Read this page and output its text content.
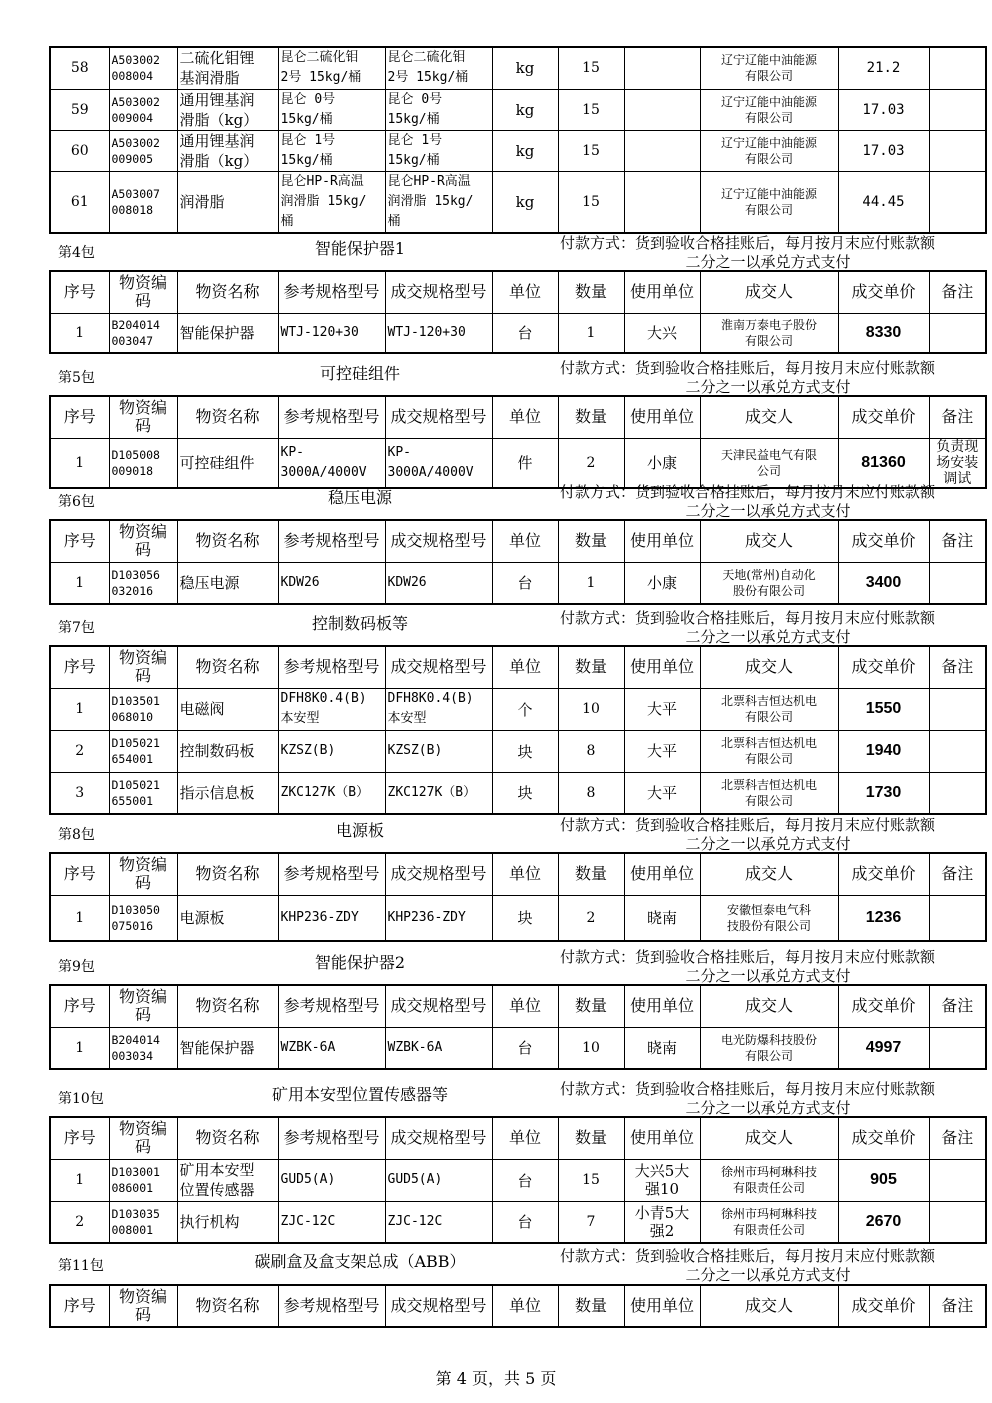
58	A503002
008004	二硫化钼锂
基润滑脂	昆仑二硫化钼
2号 15kg/桶	昆仑二硫化钼
2号 15kg/桶	kg	15		辽宁辽能中油能源
有限公司	21.2	
59	A503002
009004	通用锂基润
滑脂（kg）	昆仑 0号
15kg/桶	昆仑 0号
15kg/桶	kg	15		辽宁辽能中油能源
有限公司	17.03	
60	A503002
009005	通用锂基润
滑脂（kg）	昆仑 1号
15kg/桶	昆仑 1号
15kg/桶	kg	15		辽宁辽能中油能源
有限公司	17.03	
61	A503007
008018	润滑脂	昆仑HP-R高温
润滑脂 15kg/
桶	昆仑HP-R高温
润滑脂 15kg/
桶	kg	15		辽宁辽能中油能源
有限公司	44.45	
第4包	智能保护器1	付款方式：货到验收合格挂账后，每月按月末应付账款额
二分之一以承兑方式支付
序号	物资编
码	物资名称	参考规格型号	成交规格型号	单位	数量	使用单位	成交人	成交单价	备注
1	B204014
003047	智能保护器	WTJ-120+30	WTJ-120+30	台	1	大兴	淮南万泰电子股份
有限公司	8330	
第5包	可控硅组件	付款方式：货到验收合格挂账后，每月按月末应付账款额
二分之一以承兑方式支付
序号	物资编
码	物资名称	参考规格型号	成交规格型号	单位	数量	使用单位	成交人	成交单价	备注
1	D105008
009018	可控硅组件	KP-
3000A/4000V	KP-
3000A/4000V	件	2	小康	天津民益电气有限
公司	81360	负责现
场安装
调试
第6包	稳压电源	付款方式：货到验收合格挂账后，每月按月末应付账款额
二分之一以承兑方式支付
序号	物资编
码	物资名称	参考规格型号	成交规格型号	单位	数量	使用单位	成交人	成交单价	备注
1	D103056
032016	稳压电源	KDW26	KDW26	台	1	小康	天地(常州)自动化
股份有限公司	3400	
第7包	控制数码板等	付款方式：货到验收合格挂账后，每月按月末应付账款额
二分之一以承兑方式支付
序号	物资编
码	物资名称	参考规格型号	成交规格型号	单位	数量	使用单位	成交人	成交单价	备注
1	D103501
068010	电磁阀	DFH8K0.4(B)
本安型	DFH8K0.4(B)
本安型	个	10	大平	北票科吉恒达机电
有限公司	1550	
2	D105021
654001	控制数码板	KZSZ(B)	KZSZ(B)	块	8	大平	北票科吉恒达机电
有限公司	1940	
3	D105021
655001	指示信息板	ZKC127K（B）	ZKC127K（B）	块	8	大平	北票科吉恒达机电
有限公司	1730	
第8包	电源板	付款方式：货到验收合格挂账后，每月按月末应付账款额
二分之一以承兑方式支付
序号	物资编
码	物资名称	参考规格型号	成交规格型号	单位	数量	使用单位	成交人	成交单价	备注
1	D103050
075016	电源板	KHP236-ZDY	KHP236-ZDY	块	2	晓南	安徽恒泰电气科
技股份有限公司	1236	
第9包	智能保护器2	付款方式：货到验收合格挂账后，每月按月末应付账款额
二分之一以承兑方式支付
序号	物资编
码	物资名称	参考规格型号	成交规格型号	单位	数量	使用单位	成交人	成交单价	备注
1	B204014
003034	智能保护器	WZBK-6A	WZBK-6A	台	10	晓南	电光防爆科技股份
有限公司	4997	
第10包	矿用本安型位置传感器等	付款方式：货到验收合格挂账后，每月按月末应付账款额
二分之一以承兑方式支付
序号	物资编
码	物资名称	参考规格型号	成交规格型号	单位	数量	使用单位	成交人	成交单价	备注
1	D103001
086001	矿用本安型
位置传感器	GUD5(A)	GUD5(A)	台	15	大兴5大
强10	徐州市玛柯琳科技
有限责任公司	905	
2	D103035
008001	执行机构	ZJC-12C	ZJC-12C	台	7	小青5大
强2	徐州市玛柯琳科技
有限责任公司	2670	
第11包	碳刷盒及盒支架总成（ABB）	付款方式：货到验收合格挂账后，每月按月末应付账款额
二分之一以承兑方式支付
序号	物资编
码	物资名称	参考规格型号	成交规格型号	单位	数量	使用单位	成交人	成交单价	备注
第 4 页，共 5 页
